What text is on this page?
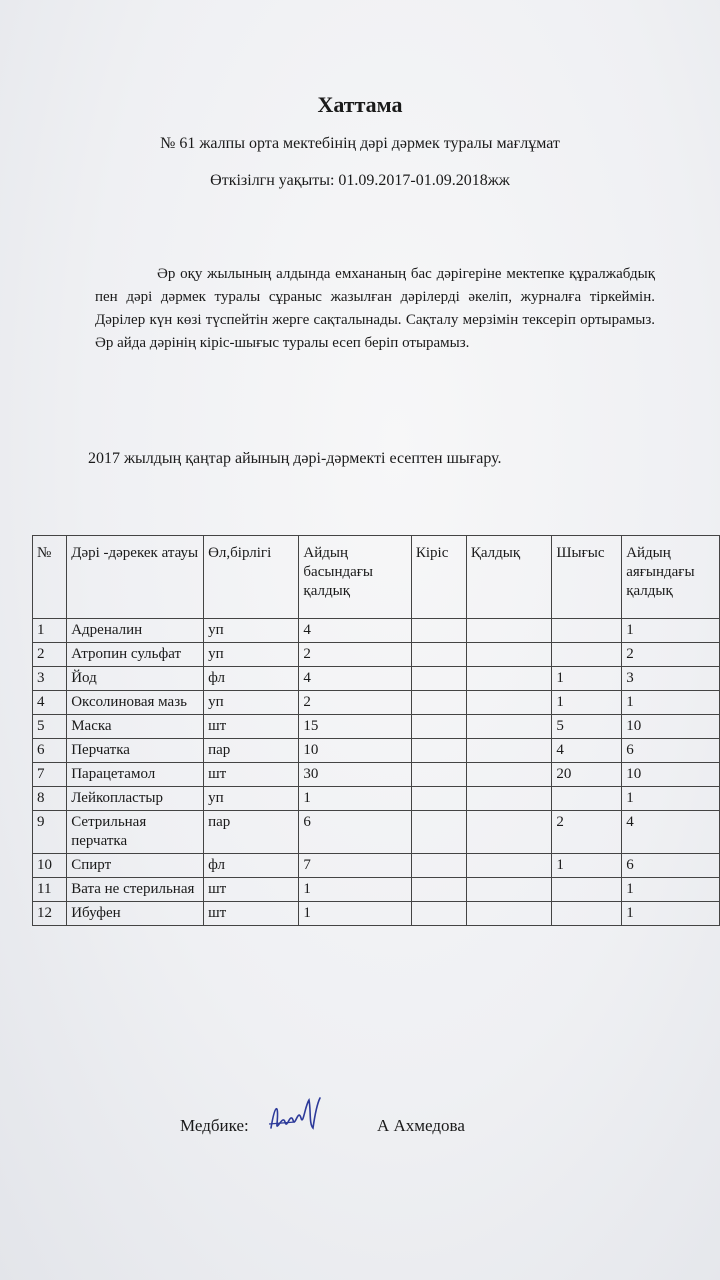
Хаттама
№ 61 жалпы орта мектебінің дәрі дәрмек туралы мағлұмат
Өткізілгн уақыты: 01.09.2017-01.09.2018жж
Әр оқу жылының алдында емхананың бас дәрігеріне мектепке құралжабдық пен дәрі дәрмек туралы сұраныс жазылған дәрілерді әкеліп, журналға тіркеймін. Дәрілер күн көзі түспейтін жерге сақталынады. Сақталу мерзімін тексеріп ортырамыз. Әр айда дәрінің кіріс-шығыс туралы есеп беріп отырамыз.
2017 жылдың қаңтар айының дәрі-дәрмекті есептен шығару.
№	Дәрі -дәрекек атауы	Өл,бірлігі	Айдың басындағы қалдық	Кіріс	Қалдық	Шығыс	Айдың аяғындағы қалдық
1	Адреналин	уп	4				1
2	Атропин сульфат	уп	2				2
3	Йод	фл	4			1	3
4	Оксолиновая мазь	уп	2			1	1
5	Маска	шт	15			5	10
6	Перчатка	пар	10			4	6
7	Парацетамол	шт	30			20	10
8	Лейкопластыр	уп	1				1
9	Сетрильная перчатка	пар	6			2	4
10	Спирт	фл	7			1	6
11	Вата не стерильная	шт	1				1
12	Ибуфен	шт	1				1
Медбике:	А Ахмедова
